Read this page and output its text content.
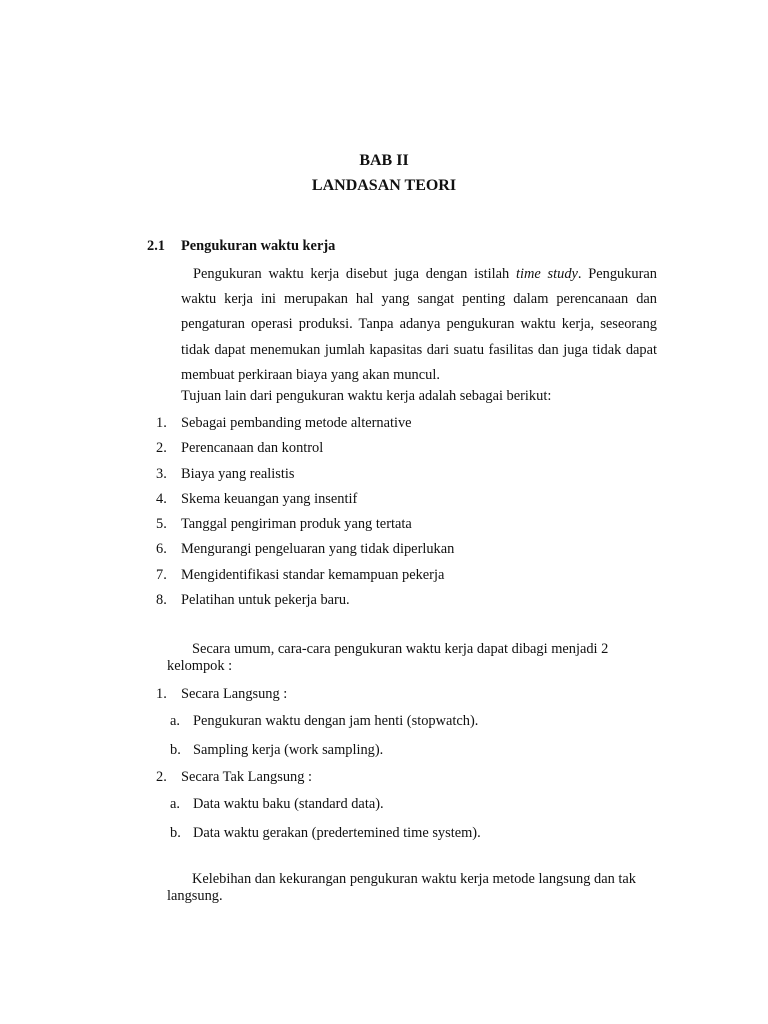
BAB II
LANDASAN TEORI
2.1 Pengukuran waktu kerja

Pengukuran waktu kerja disebut juga dengan istilah time study. Pengukuran waktu kerja ini merupakan hal yang sangat penting dalam perencanaan dan pengaturan operasi produksi. Tanpa adanya pengukuran waktu kerja, seseorang tidak dapat menemukan jumlah kapasitas dari suatu fasilitas dan juga tidak dapat membuat perkiraan biaya yang akan muncul.

Tujuan lain dari pengukuran waktu kerja adalah sebagai berikut:
1. Sebagai pembanding metode alternative
2. Perencanaan dan kontrol
3. Biaya yang realistis
4. Skema keuangan yang insentif
5. Tanggal pengiriman produk yang tertata
6. Mengurangi pengeluaran yang tidak diperlukan
7. Mengidentifikasi standar kemampuan pekerja
8. Pelatihan untuk pekerja baru.

Secara umum, cara-cara pengukuran waktu kerja dapat dibagi menjadi 2 kelompok :

1. Secara Langsung :
a. Pengukuran waktu dengan jam henti (stopwatch).
b. Sampling kerja (work sampling).
2. Secara Tak Langsung :
a. Data waktu baku (standard data).
b. Data waktu gerakan (predertemined time system).

Kelebihan dan kekurangan pengukuran waktu kerja metode langsung dan tak langsung.
